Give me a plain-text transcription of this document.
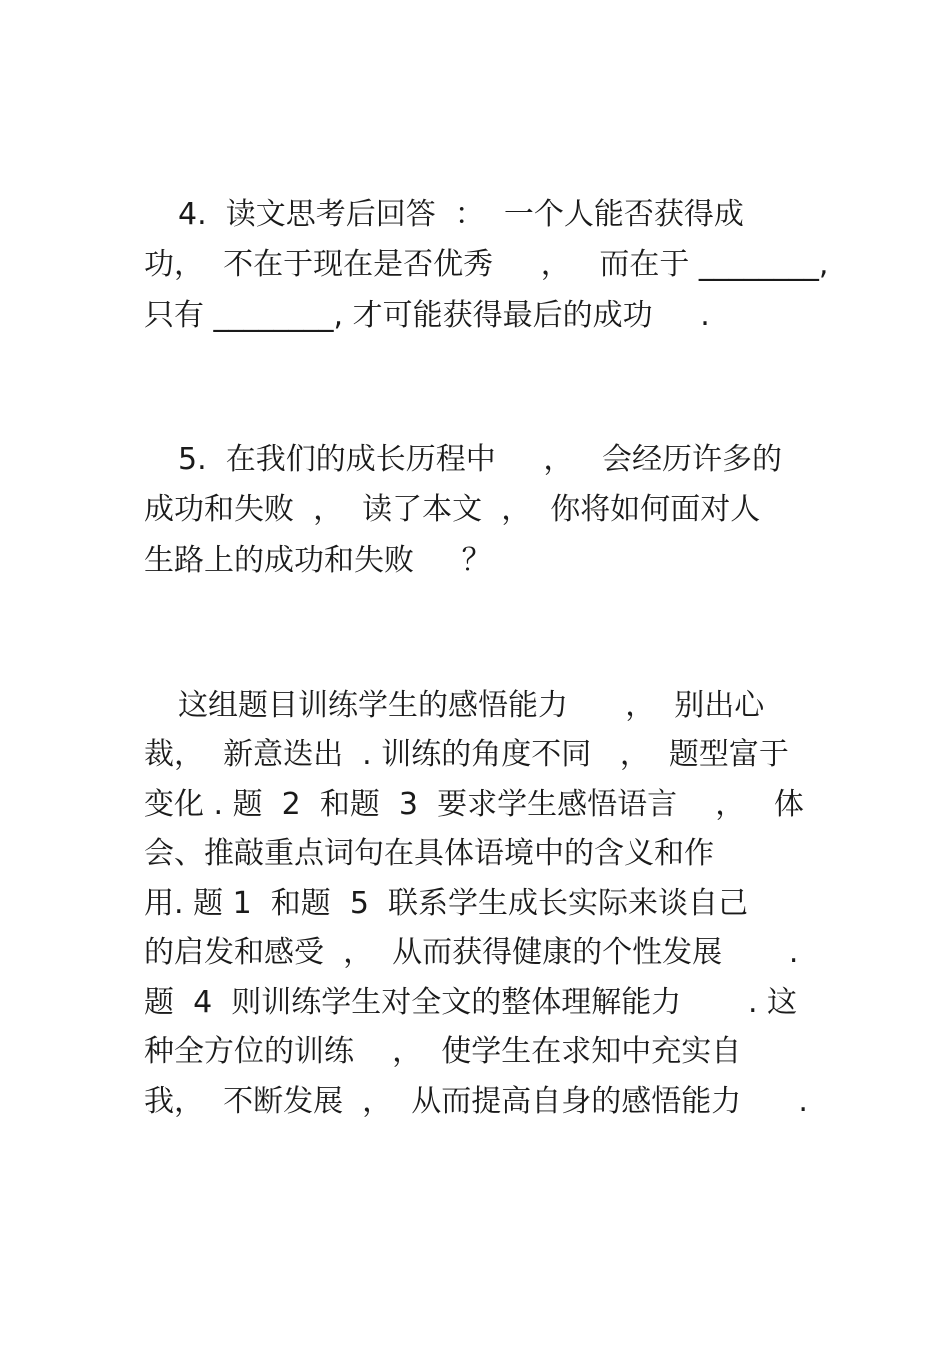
4.  读文思考后回答  ：  一个人能否获得成
功，  不在于现在是否优秀     ，   而在于 ________,
只有 ________, 才可能获得最后的成功     .
5.  在我们的成长历程中     ，   会经历许多的
成功和失败  ，  读了本文  ，  你将如何面对人
生路上的成功和失败     ？
这组题目训练学生的感悟能力      ，  别出心
裁，  新意迭出  . 训练的角度不同   ，  题型富于
变化 . 题  2  和题  3  要求学生感悟语言    ，   体
会、推敲重点词句在具体语境中的含义和作
用. 题 1  和题  5  联系学生成长实际来谈自己
的启发和感受  ，  从而获得健康的个性发展       .
题  4  则训练学生对全文的整体理解能力       . 这
种全方位的训练    ，  使学生在求知中充实自
我，  不断发展  ，  从而提高自身的感悟能力      .
